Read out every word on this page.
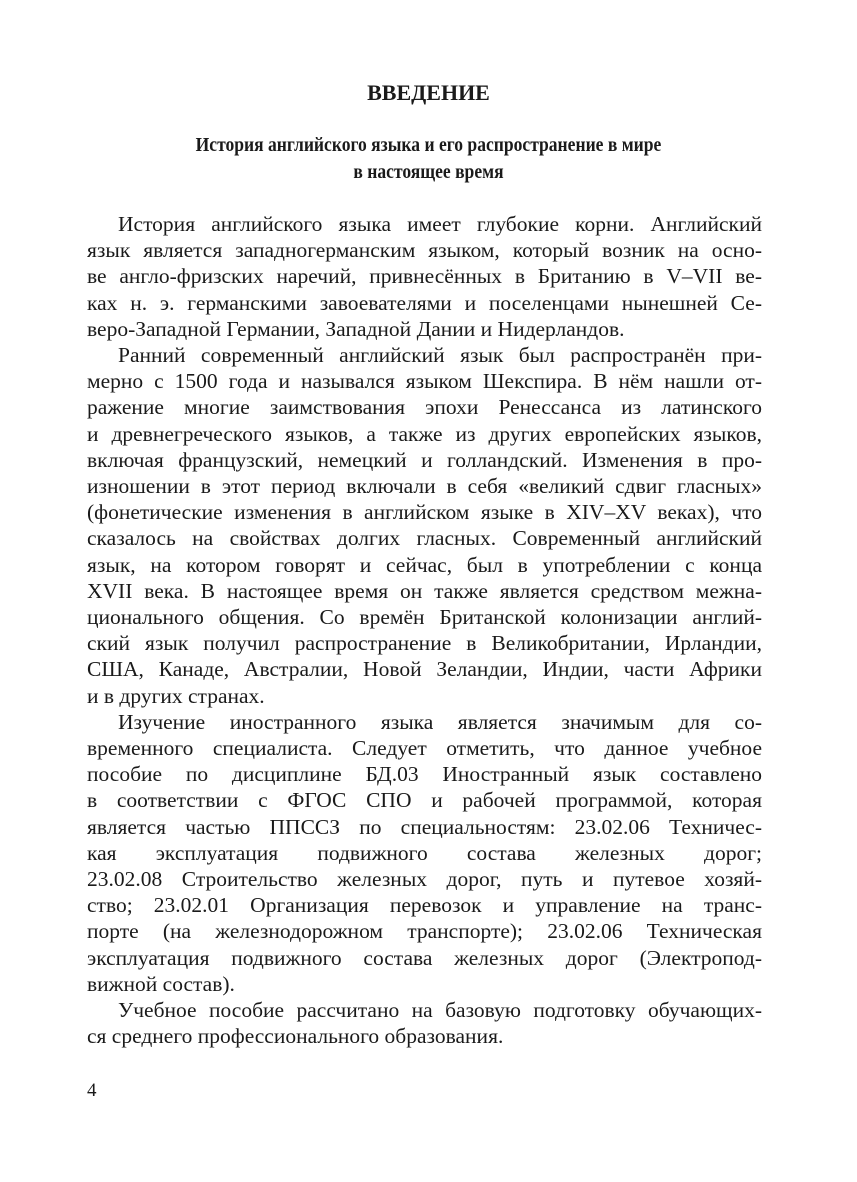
ВВЕДЕНИЕ
История английского языка и его распространение в мире
в настоящее время
История английского языка имеет глубокие корни. Английский
язык является западногерманским языком, который возник на осно-
ве англо-фризских наречий, привнесённых в Британию в V–VII ве-
ках н. э. германскими завоевателями и поселенцами нынешней Се-
веро-Западной Германии, Западной Дании и Нидерландов.
Ранний современный английский язык был распространён при-
мерно с 1500 года и назывался языком Шекспира. В нём нашли от-
ражение многие заимствования эпохи Ренессанса из латинского
и древнегреческого языков, а также из других европейских языков,
включая французский, немецкий и голландский. Изменения в про-
изношении в этот период включали в себя «великий сдвиг гласных»
(фонетические изменения в английском языке в XIV–XV веках), что
сказалось на свойствах долгих гласных. Современный английский
язык, на котором говорят и сейчас, был в употреблении с конца
XVII века. В настоящее время он также является средством межна-
ционального общения. Со времён Британской колонизации англий-
ский язык получил распространение в Великобритании, Ирландии,
США, Канаде, Австралии, Новой Зеландии, Индии, части Африки
и в других странах.
Изучение иностранного языка является значимым для со-
временного специалиста. Следует отметить, что данное учебное
пособие по дисциплине БД.03 Иностранный язык составлено
в соответствии с ФГОС СПО и рабочей программой, которая
является частью ППССЗ по специальностям: 23.02.06 Техничес-
кая эксплуатация подвижного состава железных дорог;
23.02.08 Строительство железных дорог, путь и путевое хозяй-
ство; 23.02.01 Организация перевозок и управление на транс-
порте (на железнодорожном транспорте); 23.02.06 Техническая
эксплуатация подвижного состава железных дорог (Электропод-
вижной состав).
Учебное пособие рассчитано на базовую подготовку обучающих-
ся среднего профессионального образования.
4
